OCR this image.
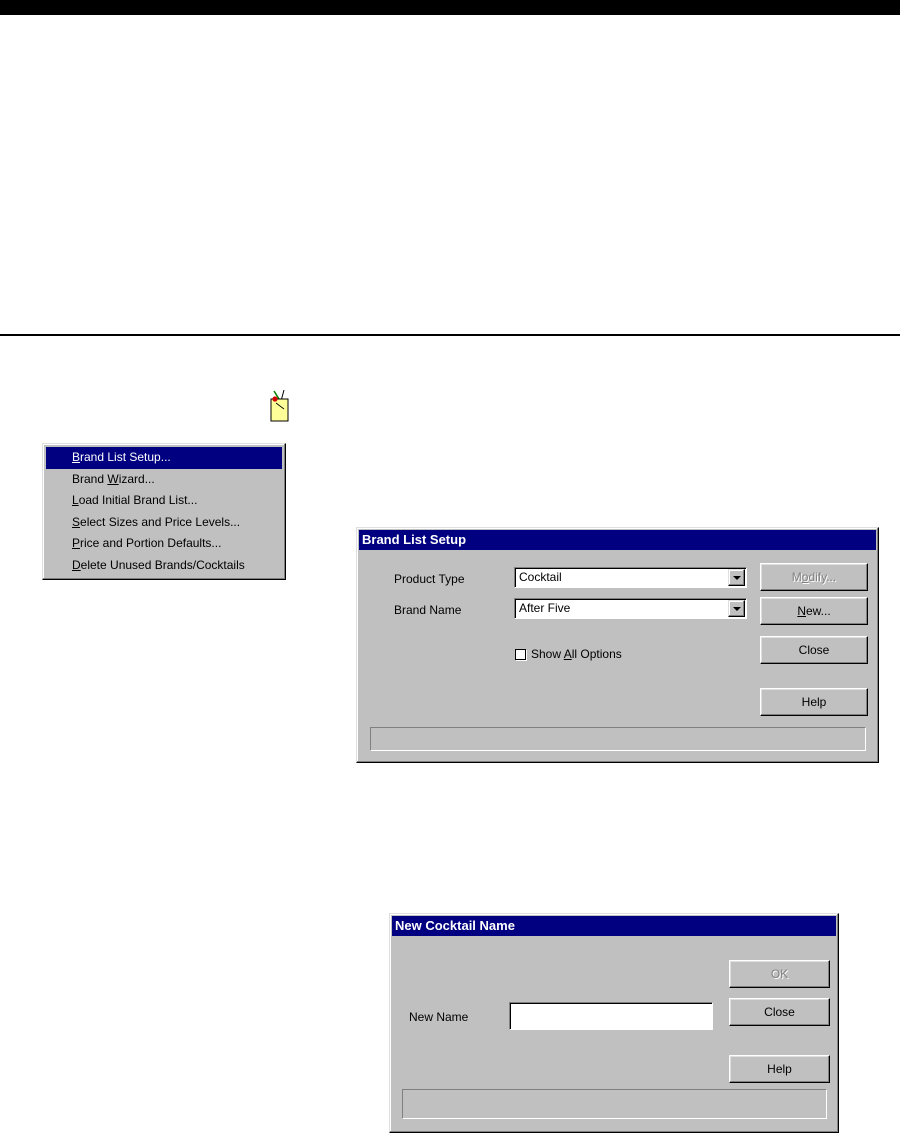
Brand List Setup...
Brand Wizard...
Load Initial Brand List...
Select Sizes and Price Levels...
Price and Portion Defaults...
Delete Unused Brands/Cocktails
Brand List Setup
Product Type	Cocktail
Brand Name	After Five
Show All Options
Modify...
New...
Close
Help
New Cocktail Name
OK
Close
New Name
Help
